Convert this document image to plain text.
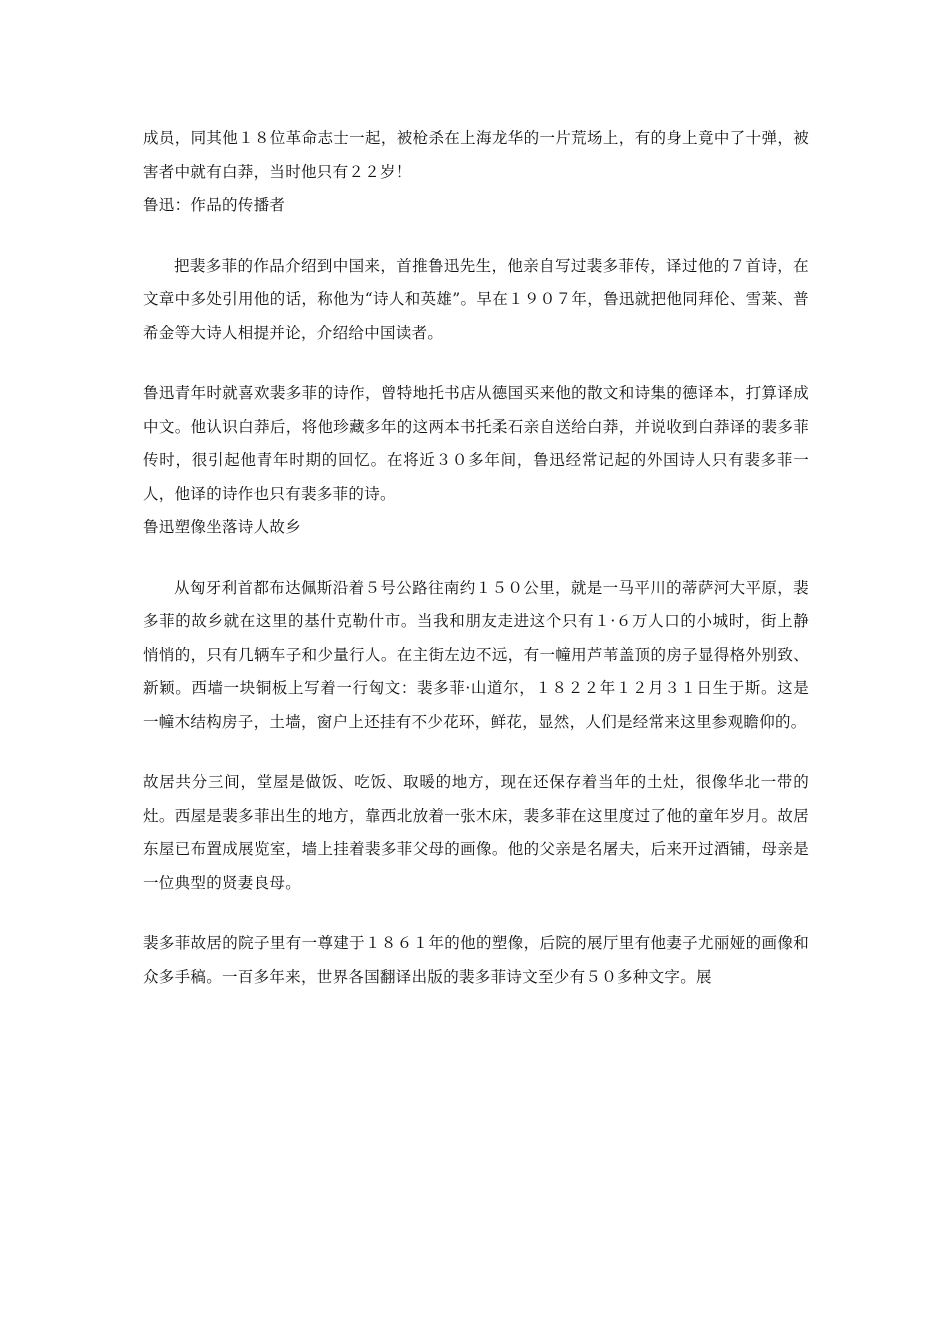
成员，同其他１８位革命志士一起，被枪杀在上海龙华的一片荒场上，有的身上竟中了十弹，被害者中就有白莽，当时他只有２２岁！

鲁迅：作品的传播者

把裴多菲的作品介绍到中国来，首推鲁迅先生，他亲自写过裴多菲传，译过他的７首诗，在文章中多处引用他的话，称他为“诗人和英雄”。早在１９０７年，鲁迅就把他同拜伦、雪莱、普希金等大诗人相提并论，介绍给中国读者。

鲁迅青年时就喜欢裴多菲的诗作，曾特地托书店从德国买来他的散文和诗集的德译本，打算译成中文。他认识白莽后，将他珍藏多年的这两本书托柔石亲自送给白莽，并说收到白莽译的裴多菲传时，很引起他青年时期的回忆。在将近３０多年间，鲁迅经常记起的外国诗人只有裴多菲一人，他译的诗作也只有裴多菲的诗。

鲁迅塑像坐落诗人故乡

从匈牙利首都布达佩斯沿着５号公路往南约１５０公里，就是一马平川的蒂萨河大平原，裴多菲的故乡就在这里的基什克勒什市。当我和朋友走进这个只有１·６万人口的小城时，街上静悄悄的，只有几辆车子和少量行人。在主街左边不远，有一幢用芦苇盖顶的房子显得格外别致、新颖。西墙一块铜板上写着一行匈文：裴多菲·山道尔，１８２２年１２月３１日生于斯。这是一幢木结构房子，土墙，窗户上还挂有不少花环，鲜花，显然，人们是经常来这里参观瞻仰的。

故居共分三间，堂屋是做饭、吃饭、取暖的地方，现在还保存着当年的土灶，很像华北一带的灶。西屋是裴多菲出生的地方，靠西北放着一张木床，裴多菲在这里度过了他的童年岁月。故居东屋已布置成展览室，墙上挂着裴多菲父母的画像。他的父亲是名屠夫，后来开过酒铺，母亲是一位典型的贤妻良母。

裴多菲故居的院子里有一尊建于１８６１年的他的塑像，后院的展厅里有他妻子尤丽娅的画像和众多手稿。一百多年来，世界各国翻译出版的裴多菲诗文至少有５０多种文字。展
